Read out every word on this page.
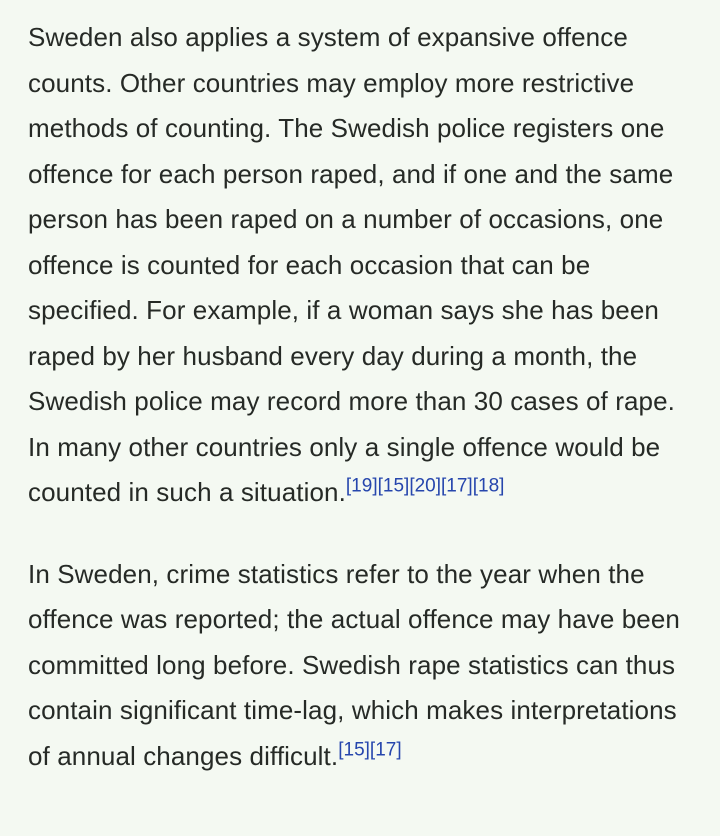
Sweden also applies a system of expansive offence counts. Other countries may employ more restrictive methods of counting. The Swedish police registers one offence for each person raped, and if one and the same person has been raped on a number of occasions, one offence is counted for each occasion that can be specified. For example, if a woman says she has been raped by her husband every day during a month, the Swedish police may record more than 30 cases of rape. In many other countries only a single offence would be counted in such a situation.[19][15][20][17][18]

In Sweden, crime statistics refer to the year when the offence was reported; the actual offence may have been committed long before. Swedish rape statistics can thus contain significant time-lag, which makes interpretations of annual changes difficult.[15][17]
